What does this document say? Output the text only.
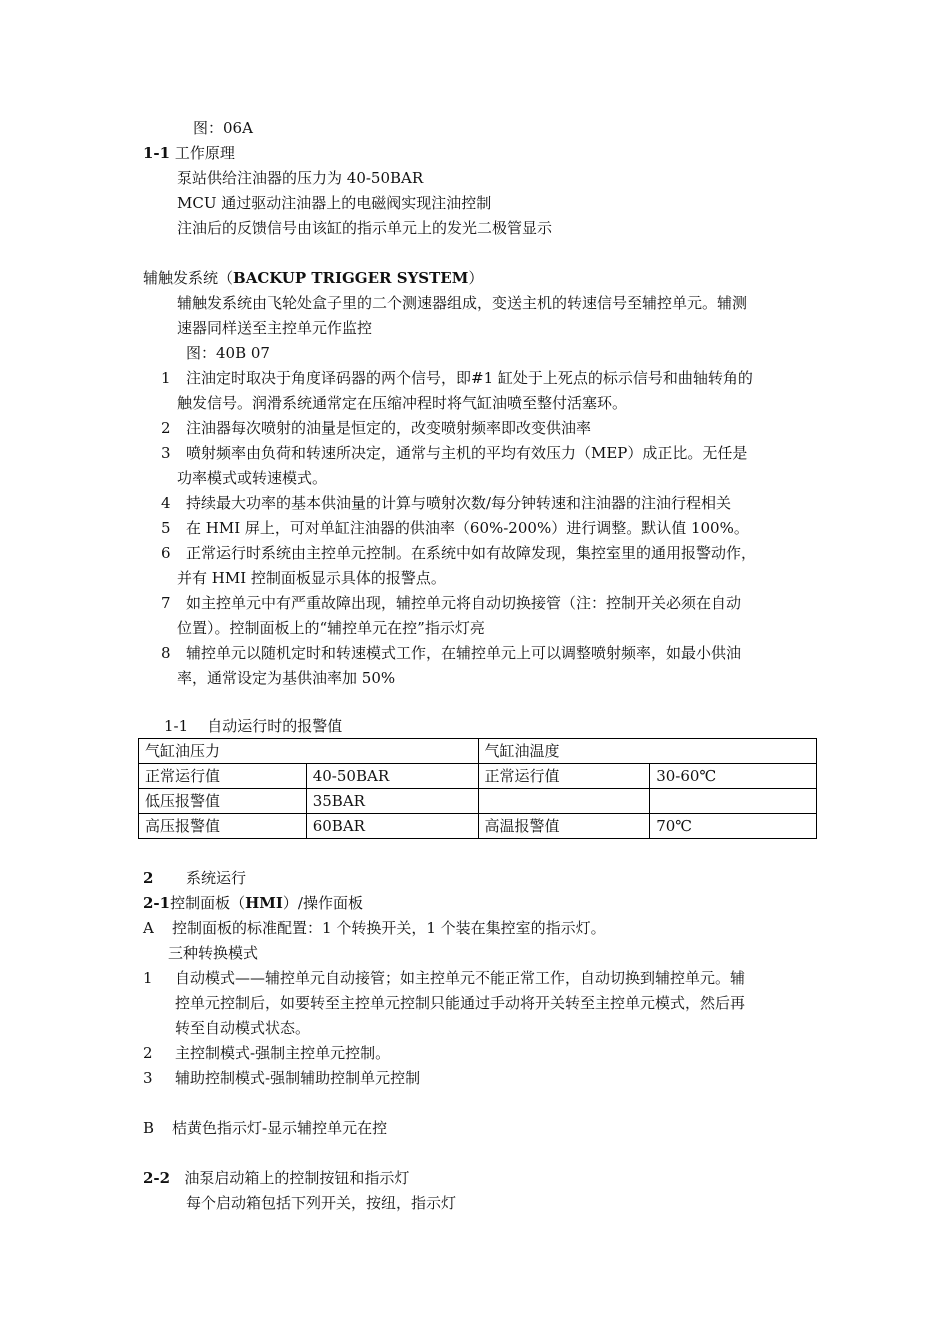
图：06A
1-1 工作原理
泵站供给注油器的压力为 40-50BAR
MCU 通过驱动注油器上的电磁阀实现注油控制
注油后的反馈信号由该缸的指示单元上的发光二极管显示
辅触发系统（BACKUP TRIGGER SYSTEM）
辅触发系统由飞轮处盒子里的二个测速器组成，变送主机的转速信号至辅控单元。辅测
速器同样送至主控单元作监控
图：40B 07
1 注油定时取决于角度译码器的两个信号，即#1 缸处于上死点的标示信号和曲轴转角的
触发信号。润滑系统通常定在压缩冲程时将气缸油喷至整付活塞环。
2 注油器每次喷射的油量是恒定的，改变喷射频率即改变供油率
3 喷射频率由负荷和转速所决定，通常与主机的平均有效压力（MEP）成正比。无任是
功率模式或转速模式。
4 持续最大功率的基本供油量的计算与喷射次数/每分钟转速和注油器的注油行程相关
5 在 HMI 屏上，可对单缸注油器的供油率（60%-200%）进行调整。默认值 100%。
6 正常运行时系统由主控单元控制。在系统中如有故障发现，集控室里的通用报警动作，
并有 HMI 控制面板显示具体的报警点。
7 如主控单元中有严重故障出现，辅控单元将自动切换接管（注：控制开关必须在自动
位置）。控制面板上的“辅控单元在控”指示灯亮
8 辅控单元以随机定时和转速模式工作，在辅控单元上可以调整喷射频率，如最小供油
率，通常设定为基供油率加 50%
1-1 自动运行时的报警值
气缸油压力		气缸油温度	
正常运行值	40-50BAR	正常运行值	30-60℃
低压报警值	35BAR		
高压报警值	60BAR	高温报警值	70℃
2 系统运行
2-1控制面板（HMI）/操作面板
A 控制面板的标准配置：1 个转换开关，1 个装在集控室的指示灯。
三种转换模式
1 自动模式——辅控单元自动接管；如主控单元不能正常工作，自动切换到辅控单元。辅
控单元控制后，如要转至主控单元控制只能通过手动将开关转至主控单元模式，然后再
转至自动模式状态。
2 主控制模式-强制主控单元控制。
3 辅助控制模式-强制辅助控制单元控制
B 桔黄色指示灯-显示辅控单元在控
2-2 油泵启动箱上的控制按钮和指示灯
每个启动箱包括下列开关，按纽，指示灯
